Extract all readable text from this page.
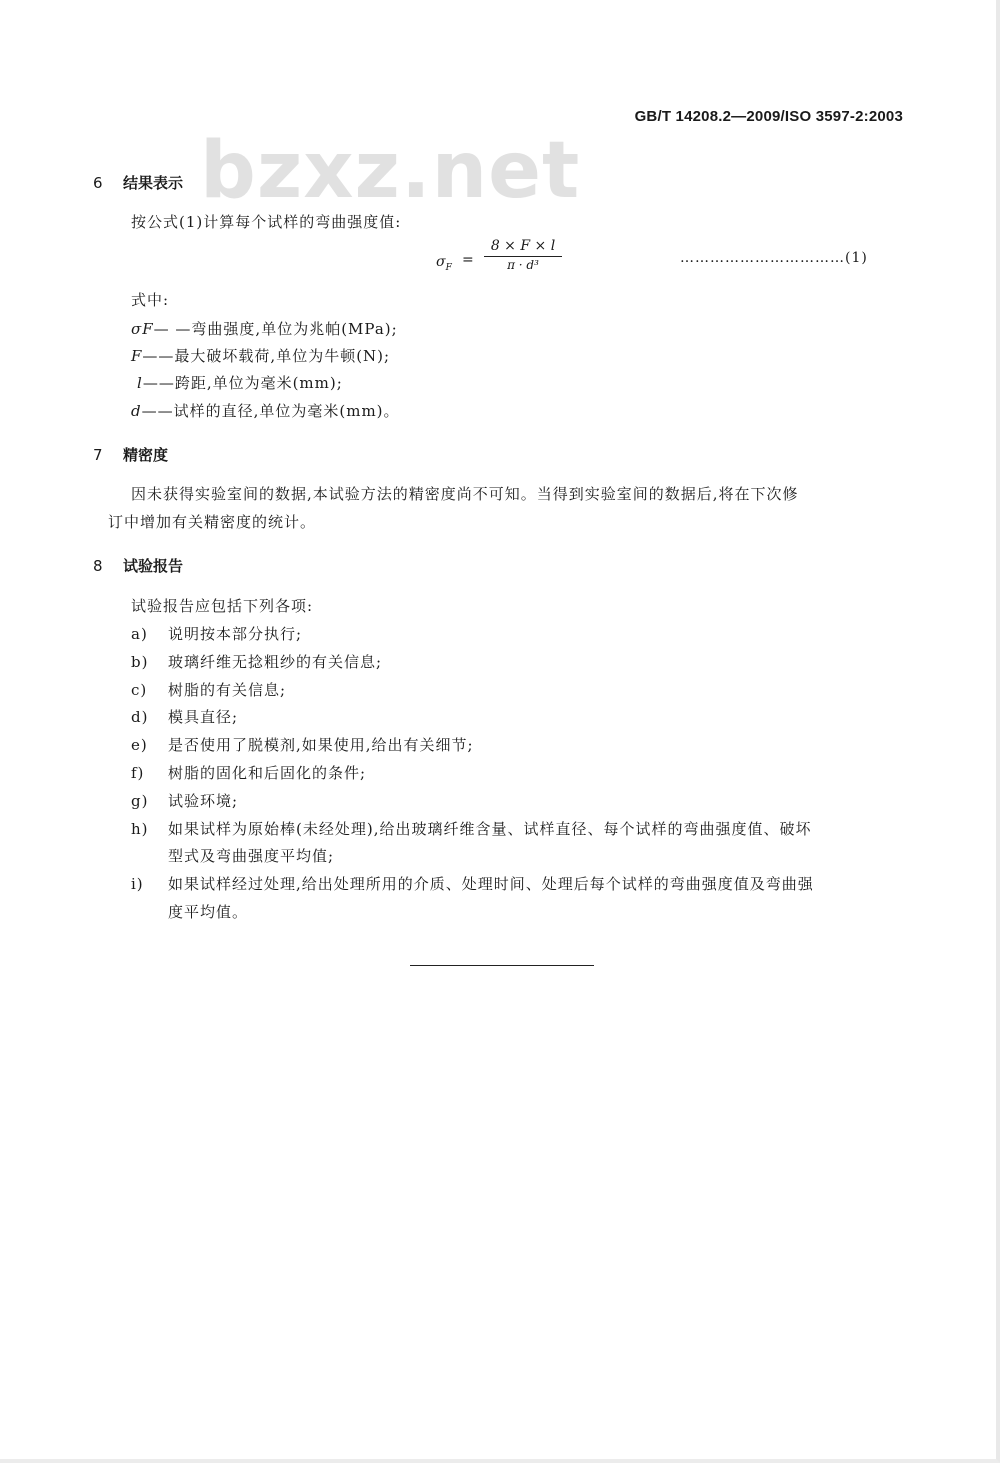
GB/T 14208.2—2009/ISO 3597-2:2003
bzxz.net
6 结果表示
按公式(1)计算每个试样的弯曲强度值:
$\sigma_F = \frac{8 \times F \times l}{\text{π · d³}}$	……………………………(1)
式中:
σF— —弯曲强度,单位为兆帕(MPa);
F——最大破坏载荷,单位为牛顿(N);
l——跨距,单位为毫米(mm);
d——试样的直径,单位为毫米(mm)。
7 精密度
因未获得实验室间的数据,本试验方法的精密度尚不可知。当得到实验室间的数据后,将在下次修
订中增加有关精密度的统计。
8 试验报告
试验报告应包括下列各项:
a) 说明按本部分执行;
b) 玻璃纤维无捻粗纱的有关信息;
c) 树脂的有关信息;
d) 模具直径;
e) 是否使用了脱模剂,如果使用,给出有关细节;
f) 树脂的固化和后固化的条件;
g) 试验环境;
h) 如果试样为原始棒(未经处理),给出玻璃纤维含量、试样直径、每个试样的弯曲强度值、破坏
型式及弯曲强度平均值;
i) 如果试样经过处理,给出处理所用的介质、处理时间、处理后每个试样的弯曲强度值及弯曲强
度平均值。
